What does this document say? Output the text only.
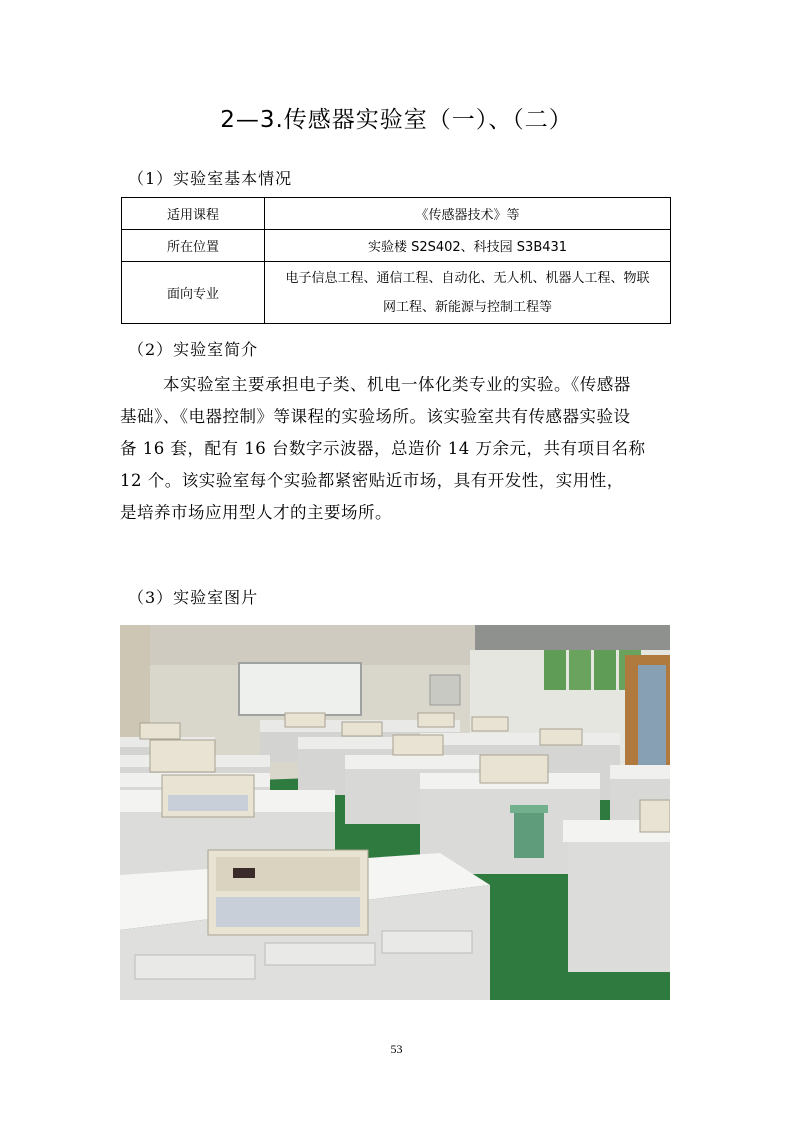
2—3.传感器实验室（一）、（二）
（1）实验室基本情况
适用课程	《传感器技术》等
所在位置	实验楼 S2S402、科技园 S3B431
面向专业	电子信息工程、通信工程、自动化、无人机、机器人工程、物联
网工程、新能源与控制工程等
（2）实验室简介
本实验室主要承担电子类、机电一体化类专业的实验。《传感器
基础》、《电器控制》等课程的实验场所。该实验室共有传感器实验设
备 16 套，配有 16 台数字示波器，总造价 14 万余元，共有项目名称
12 个。该实验室每个实验都紧密贴近市场，具有开发性，实用性，
是培养市场应用型人才的主要场所。
（3）实验室图片
53
